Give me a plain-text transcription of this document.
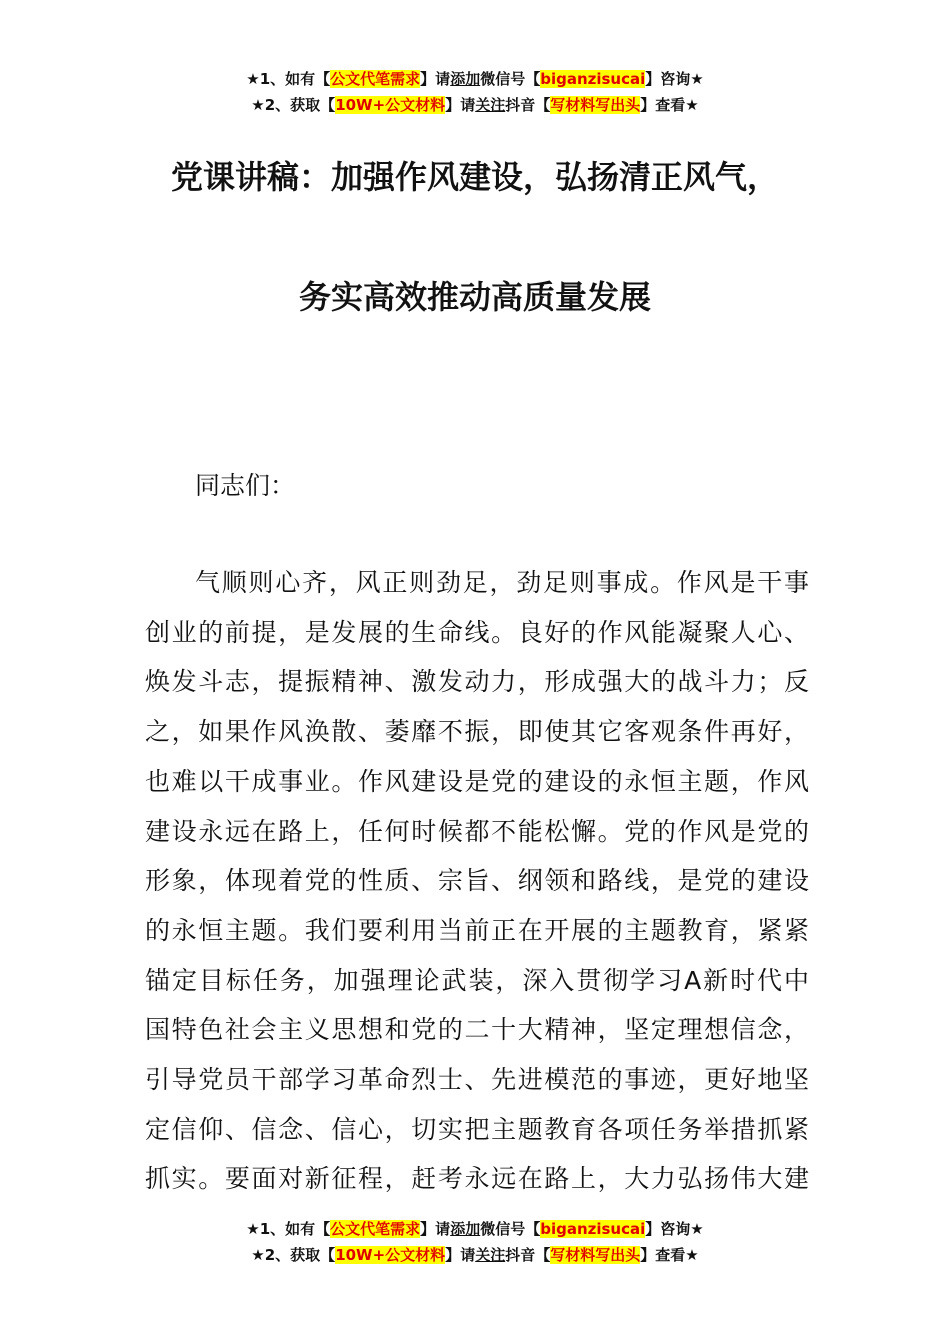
★1、如有【公文代笔需求】请添加微信号【biganzisucai】咨询★
★2、获取【10W+公文材料】请关注抖音【写材料写出头】查看★
党课讲稿：加强作风建设，弘扬清正风气，
务实高效推动高质量发展
同志们：
气顺则心齐，风正则劲足，劲足则事成。作风是干事
创业的前提，是发展的生命线。良好的作风能凝聚人心、
焕发斗志，提振精神、激发动力，形成强大的战斗力；反
之，如果作风涣散、萎靡不振，即使其它客观条件再好，
也难以干成事业。作风建设是党的建设的永恒主题，作风
建设永远在路上，任何时候都不能松懈。党的作风是党的
形象，体现着党的性质、宗旨、纲领和路线，是党的建设
的永恒主题。我们要利用当前正在开展的主题教育，紧紧
锚定目标任务，加强理论武装，深入贯彻学习A新时代中
国特色社会主义思想和党的二十大精神，坚定理想信念，
引导党员干部学习革命烈士、先进模范的事迹，更好地坚
定信仰、信念、信心，切实把主题教育各项任务举措抓紧
抓实。要面对新征程，赶考永远在路上，大力弘扬伟大建
★1、如有【公文代笔需求】请添加微信号【biganzisucai】咨询★
★2、获取【10W+公文材料】请关注抖音【写材料写出头】查看★
